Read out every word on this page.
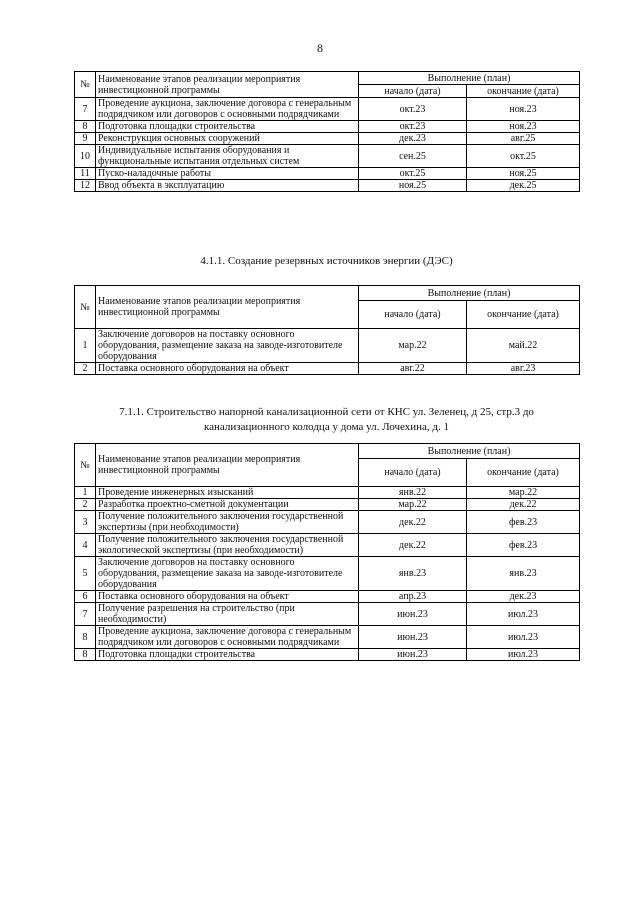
8
№	Наименование этапов реализации мероприятия инвестиционной программы	Выполнение (план)	
		начало (дата)	окончание (дата)
7	Проведение аукциона, заключение договора с генеральным подрядчиком или договоров с основными подрядчиками	окт.23	ноя.23
8	Подготовка площадки строительства	окт.23	ноя.23
9	Реконструкция основных сооружений	дек.23	авг.25
10	Индивидуальные испытания оборудования и функциональные испытания отдельных систем	сен.25	окт.25
11	Пуско-наладочные работы	окт.25	ноя.25
12	Ввод объекта в эксплуатацию	ноя.25	дек.25
4.1.1. Создание резервных источников энергии (ДЭС)
№	Наименование этапов реализации мероприятия инвестиционной программы	Выполнение (план)	
		начало (дата)	окончание (дата)
1	Заключение договоров на поставку основного оборудования, размещение заказа на заводе-изготовителе оборудования	мар.22	май.22
2	Поставка основного оборудования на объект	авг.22	авг.23
7.1.1. Строительство напорной канализационной сети от КНС ул. Зеленец, д 25, стр.3 до
канализационного колодца у дома ул. Лочехина, д. 1
№	Наименование этапов реализации мероприятия инвестиционной программы	Выполнение (план)	
		начало (дата)	окончание (дата)
1	Проведение инженерных изысканий	янв.22	мар.22
2	Разработка проектно-сметной документации	мар.22	дек.22
3	Получение положительного заключения государственной экспертизы (при необходимости)	дек.22	фев.23
4	Получение положительного заключения государственной экологической экспертизы (при необходимости)	дек.22	фев.23
5	Заключение договоров на поставку основного оборудования, размещение заказа на заводе-изготовителе оборудования	янв.23	янв.23
6	Поставка основного оборудования на объект	апр.23	дек.23
7	Получение разрешения на строительство (при необходимости)	июн.23	июл.23
8	Проведение аукциона, заключение договора с генеральным подрядчиком или договоров с основными подрядчиками	июн.23	июл.23
8	Подготовка площадки строительства	июн.23	июл.23
